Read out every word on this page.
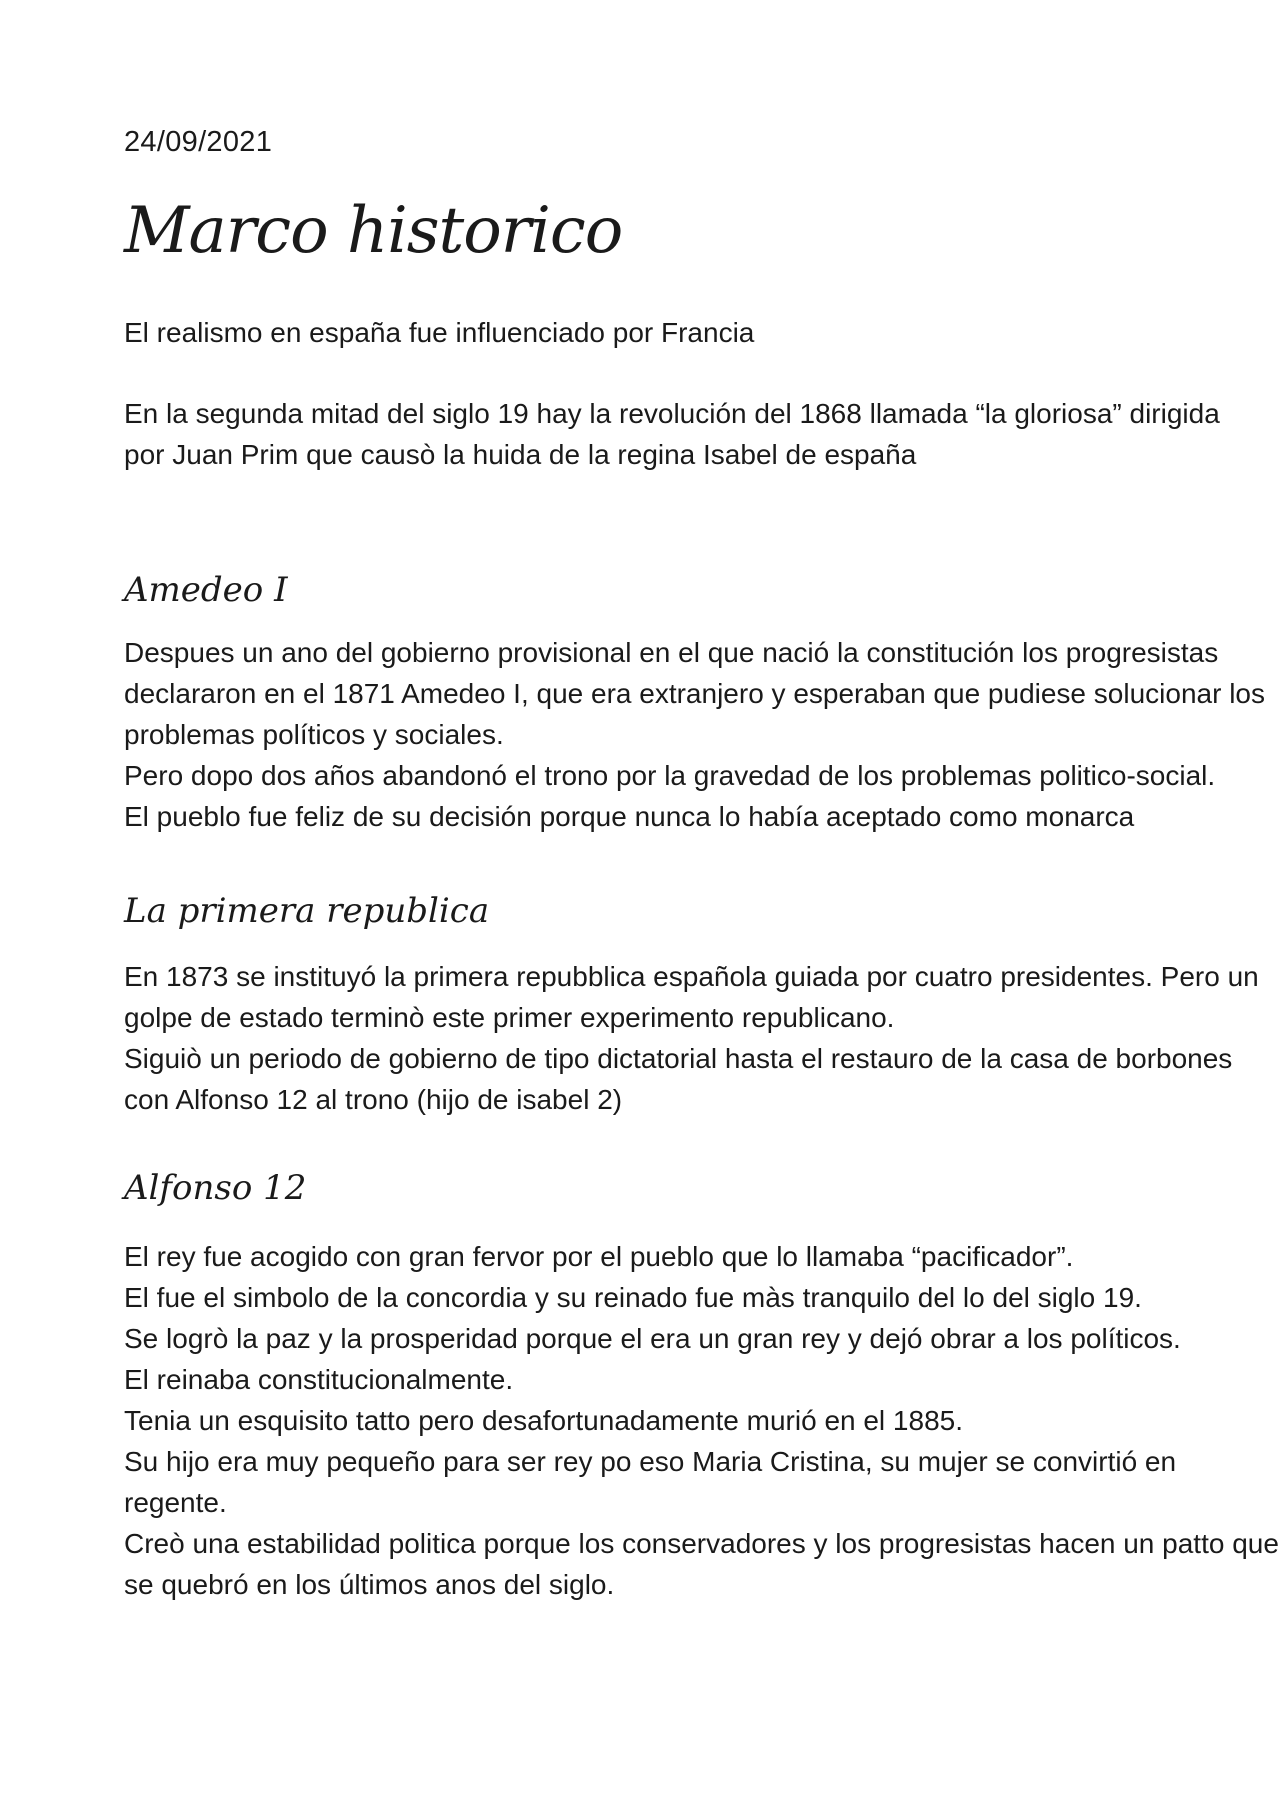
24/09/2021
Marco historico

El realismo en españa fue influenciado por Francia

En la segunda mitad del siglo 19 hay la revolución del 1868 llamada “la gloriosa” dirigida
por Juan Prim que causò la huida de la regina Isabel de españa

Amedeo I

Despues un ano del gobierno provisional en el que nació la constitución los progresistas
declararon en el 1871 Amedeo I, que era extranjero y esperaban que pudiese solucionar los
problemas políticos y sociales.
Pero dopo dos años abandonó el trono por la gravedad de los problemas politico-social.
El pueblo fue feliz de su decisión porque nunca lo había aceptado como monarca

La primera republica

En 1873 se instituyó la primera repubblica española guiada por cuatro presidentes. Pero un
golpe de estado terminò este primer experimento republicano.
Siguiò un periodo de gobierno de tipo dictatorial hasta el restauro de la casa de borbones
con Alfonso 12 al trono (hijo de isabel 2)

Alfonso 12

El rey fue acogido con gran fervor por el pueblo que lo llamaba “pacificador”.
El fue el simbolo de la concordia y su reinado fue màs tranquilo del lo del siglo 19.
Se logrò la paz y la prosperidad porque el era un gran rey y dejó obrar a los políticos.
El reinaba constitucionalmente.
Tenia un esquisito tatto pero desafortunadamente murió en el 1885.
Su hijo era muy pequeño para ser rey po eso Maria Cristina, su mujer se convirtió en
regente.
Creò una estabilidad politica porque los conservadores y los progresistas hacen un patto que
se quebró en los últimos anos del siglo.
